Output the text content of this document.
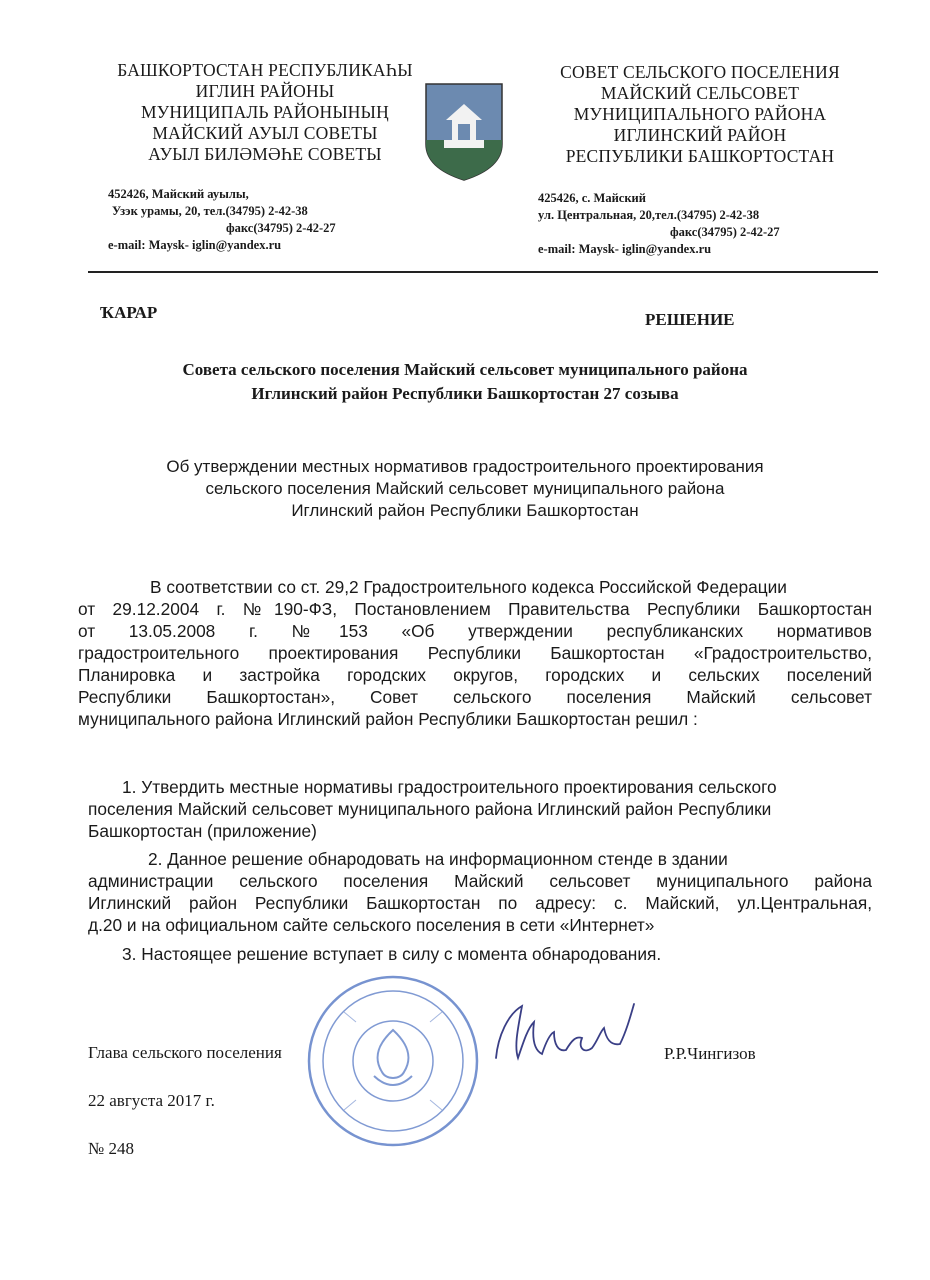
БАШКОРТОСТАН РЕСПУБЛИКАҺЫ
ИГЛИН РАЙОНЫ
МУНИЦИПАЛЬ РАЙОНЫНЫҢ
МАЙСКИЙ АУЫЛ СОВЕТЫ
АУЫЛ БИЛӘМӘҺЕ СОВЕТЫ
СОВЕТ СЕЛЬСКОГО ПОСЕЛЕНИЯ
МАЙСКИЙ СЕЛЬСОВЕТ
МУНИЦИПАЛЬНОГО РАЙОНА
ИГЛИНСКИЙ РАЙОН
РЕСПУБЛИКИ БАШКОРТОСТАН
452426, Майский ауылы,
Узэк урамы, 20, тел.(34795) 2-42-38
факс(34795) 2-42-27
e-mail: Maysk- iglin@yandex.ru
425426, с. Майский
ул. Центральная, 20,тел.(34795) 2-42-38
факс(34795) 2-42-27
e-mail: Maysk- iglin@yandex.ru
ҠАРАР	РЕШЕНИЕ
Совета сельского поселения Майский сельсовет муниципального района
Иглинский район Республики Башкортостан 27 созыва
Об утверждении местных нормативов градостроительного проектирования
сельского поселения Майский сельсовет муниципального района
Иглинский район Республики Башкортостан
В соответствии со ст. 29,2 Градостроительного кодекса Российской Федерации
от 29.12.2004 г. №190-ФЗ, Постановлением Правительства Республики Башкортостан
от 13.05.2008 г. №153 «Об утверждении республиканских нормативов
градостроительного проектирования Республики Башкортостан «Градостроительство,
Планировка и застройка городских округов, городских и сельских поселений
Республики Башкортостан», Совет сельского поселения Майский сельсовет
муниципального района Иглинский район Республики Башкортостан решил :
1. Утвердить местные нормативы градостроительного проектирования сельского
поселения Майский сельсовет муниципального района Иглинский район Республики
Башкортостан (приложение)
2. Данное решение обнародовать на информационном стенде в здании
администрации сельского поселения Майский сельсовет муниципального района
Иглинский район Республики Башкортостан по адресу: с. Майский, ул.Центральная,
д.20 и на официальном сайте сельского поселения в сети «Интернет»
3. Настоящее решение вступает в силу с момента обнародования.
Глава сельского поселения	Р.Р.Чингизов
22 августа 2017 г.
№ 248
